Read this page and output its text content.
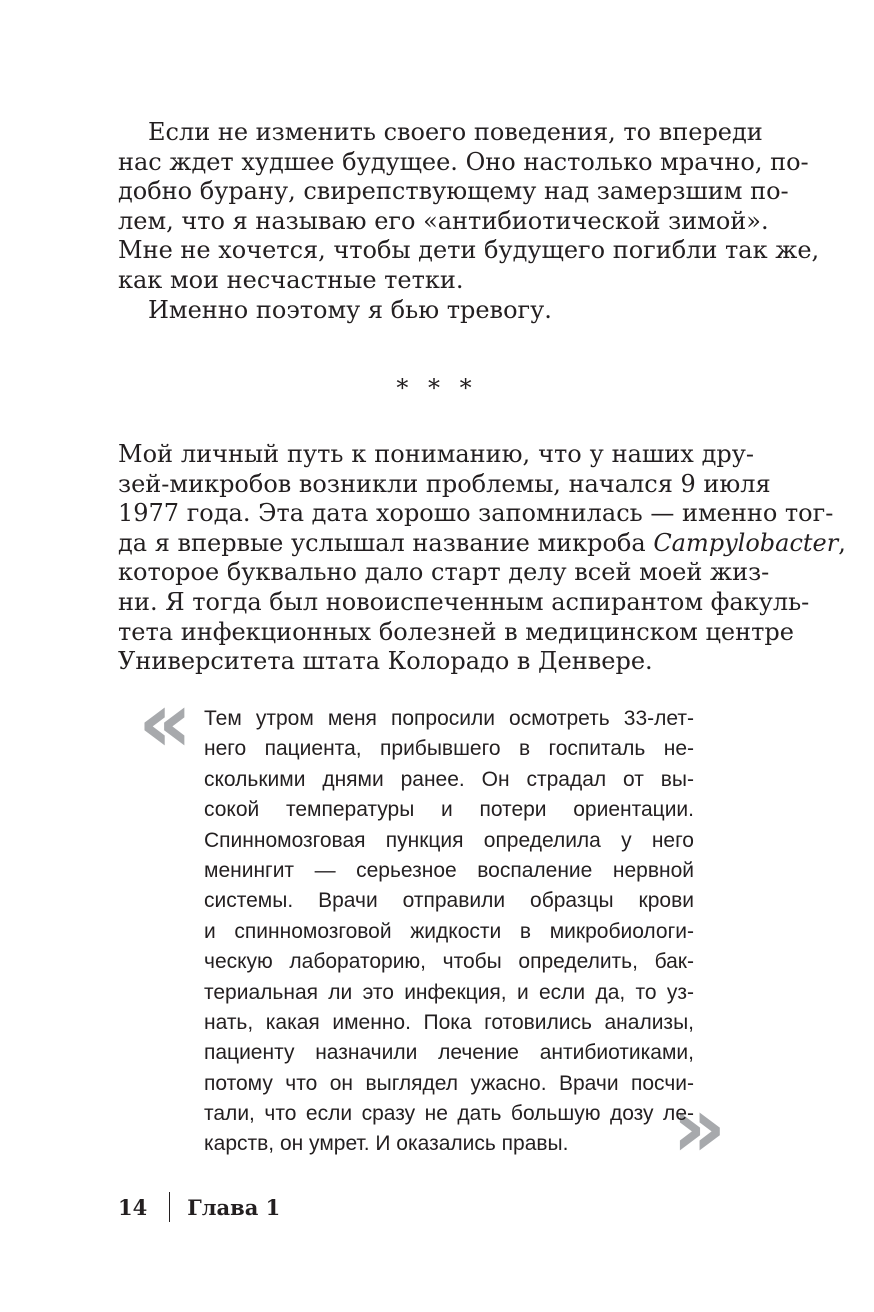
Если не изменить своего поведения, то впереди
нас ждет худшее будущее. Оно настолько мрачно, по-
добно бурану, свирепствующему над замерзшим по-
лем, что я называю его «антибиотической зимой».
Мне не хочется, чтобы дети будущего погибли так же,
как мои несчастные тетки.
Именно поэтому я бью тревогу.
* * *
Мой личный путь к пониманию, что у наших дру-
зей-микробов возникли проблемы, начался 9 июля
1977 года. Эта дата хорошо запомнилась — именно тог-
да я впервые услышал название микроба Campylobacter,
которое буквально дало старт делу всей моей жиз-
ни. Я тогда был новоиспеченным аспирантом факуль-
тета инфекционных болезней в медицинском центре
Университета штата Колорадо в Денвере.
«
»
Тем утром меня попросили осмотреть 33-лет-
него пациента, прибывшего в госпиталь не-
сколькими днями ранее. Он страдал от вы-
сокой температуры и потери ориентации.
Спинномозговая пункция определила у него
менингит — серьезное воспаление нервной
системы. Врачи отправили образцы крови
и спинномозговой жидкости в микробиологи-
ческую лабораторию, чтобы определить, бак-
териальная ли это инфекция, и если да, то уз-
нать, какая именно. Пока готовились анализы,
пациенту назначили лечение антибиотиками,
потому что он выглядел ужасно. Врачи посчи-
тали, что если сразу не дать большую дозу ле-
карств, он умрет. И оказались правы.
14 Глава 1
